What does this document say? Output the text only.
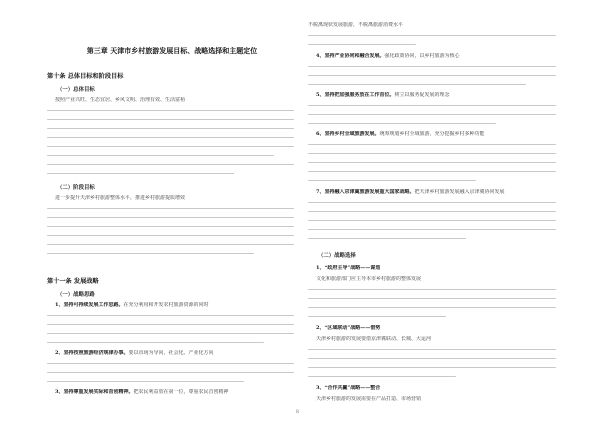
第三章 天津市乡村旅游发展目标、战略选择和主题定位
第十条 总体目标和阶段目标
（一）总体目标
按照产业兴旺、生态宜居、乡风文明、治理有效、生活富裕
（二）阶段目标
进一步提升天津乡村旅游整体水平，推进乡村旅游提质增效
第十一条 发展战略
（一）战略思路
1、坚持可持续发展工作思路。在充分利用和开发农村旅游资源的同时
2、坚持按照旅游经济规律办事。要以市场为导向，社会化、产业化方向
3、坚持尊重发展实际和首创精神。把农民利益放在第一位，尊重农民首创精神
不脱离现状发展旅游，不脱离旅游消费水平
4、坚持产业协同和融合发展。强化政策协同，以乡村旅游为核心
5、坚持把加强服务放在工作首位。树立以服务促发展的理念
6、坚持乡村全域旅游发展。统筹规划乡村全域旅游，充分挖掘乡村多种功能
7、坚持融入京津冀旅游发展重大国家战略。把天津乡村旅游发展融入京津冀协同发展
（二）战略选择
1、“政府主导”战略——谋划
文化和旅游部门应主导本市乡村旅游的整体发展
2、“区域联动”战略——借势
天津乡村旅游的发展要借京津冀联动、长城、大运河
3、“合作共赢”战略——整合
天津乡村旅游的发展需要在产品打造、市场营销
8
